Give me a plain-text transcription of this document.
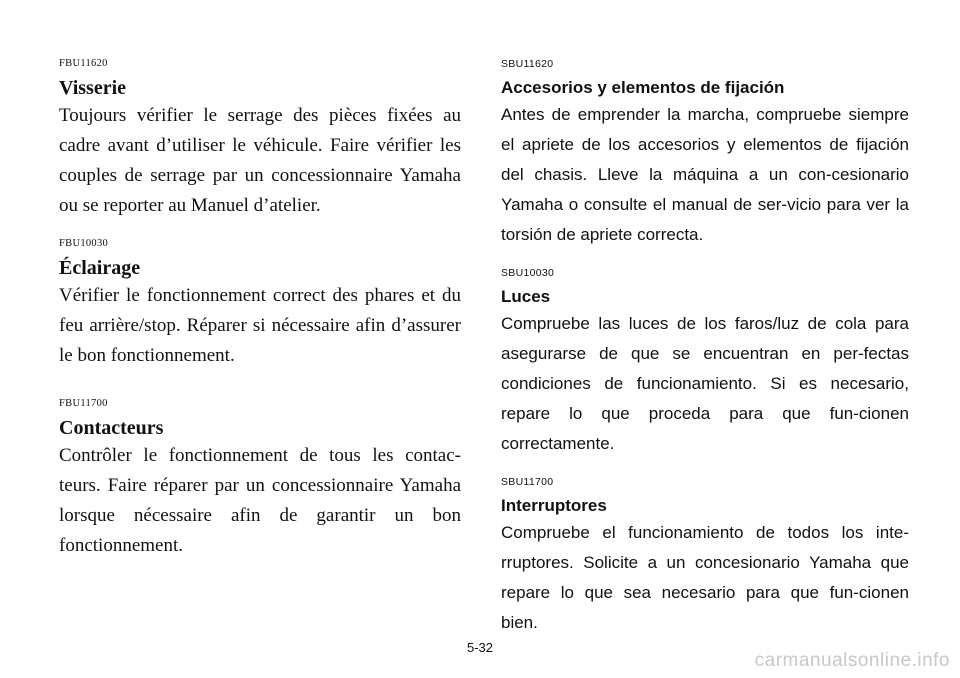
FBU11620
Visserie
Toujours vérifier le serrage des pièces fixées au cadre avant d’utiliser le véhicule. Faire vérifier les couples de serrage par un concessionnaire Yamaha ou se reporter au Manuel d’atelier.
FBU10030
Éclairage
Vérifier le fonctionnement correct des phares et du feu arrière/stop. Réparer si nécessaire afin d’assurer le bon fonctionnement.
FBU11700
Contacteurs
Contrôler le fonctionnement de tous les contac-teurs. Faire réparer par un concessionnaire Yamaha lorsque nécessaire afin de garantir un bon fonctionnement.
SBU11620
Accesorios y elementos de fijación
Antes de emprender la marcha, compruebe siempre el apriete de los accesorios y elementos de fijación del chasis. Lleve la máquina a un con-cesionario Yamaha o consulte el manual de ser-vicio para ver la torsión de apriete correcta.
SBU10030
Luces
Compruebe las luces de los faros/luz de cola para asegurarse de que se encuentran en per-fectas condiciones de funcionamiento. Si es necesario, repare lo que proceda para que fun-cionen correctamente.
SBU11700
Interruptores
Compruebe el funcionamiento de todos los inte-rruptores. Solicite a un concesionario Yamaha que repare lo que sea necesario para que fun-cionen bien.
5-32
carmanualsonline.info
